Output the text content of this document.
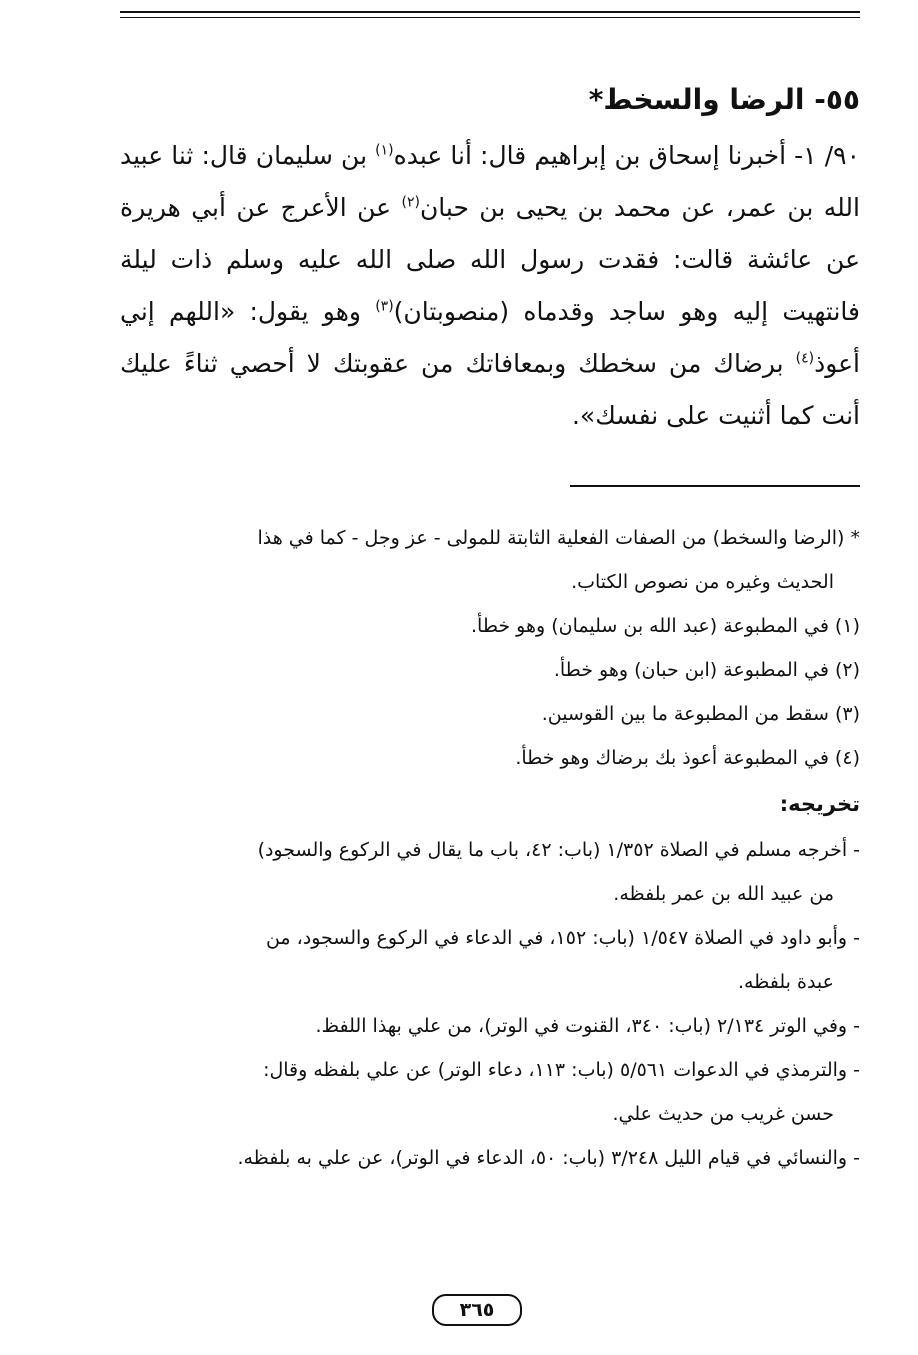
٥٥- الرضا والسخط*

٩٠/ ١- أخبرنا إسحاق بن إبراهيم قال: أنا عبده$^{(١)}$ بن سليمان قال: ثنا عبيد الله بن عمر، عن محمد بن يحيى بن حبان$^{(٢)}$ عن الأعرج عن أبي هريرة عن عائشة قالت: فقدت رسول الله صلى الله عليه وسلم ذات ليلة فانتهيت إليه وهو ساجد وقدماه (منصوبتان)$^{(٣)}$ وهو يقول: «اللهم إني أعوذ$^{(٤)}$ برضاك من سخطك وبمعافاتك من عقوبتك لا أحصي ثناءً عليك أنت كما أثنيت على نفسك».

* (الرضا والسخط) من الصفات الفعلية الثابتة للمولى - عز وجل - كما في هذا

الحديث وغيره من نصوص الكتاب.

(١) في المطبوعة (عبد الله بن سليمان) وهو خطأ.

(٢) في المطبوعة (ابن حبان) وهو خطأ.

(٣) سقط من المطبوعة ما بين القوسين.

(٤) في المطبوعة أعوذ بك برضاك وهو خطأ.

تخريجه:

- أخرجه مسلم في الصلاة ١/٣٥٢ (باب: ٤٢، باب ما يقال في الركوع والسجود)

من عبيد الله بن عمر بلفظه.

- وأبو داود في الصلاة ١/٥٤٧ (باب: ١٥٢، في الدعاء في الركوع والسجود، من

عبدة بلفظه.

- وفي الوتر ٢/١٣٤ (باب: ٣٤٠، القنوت في الوتر)، من علي بهذا اللفظ.

- والترمذي في الدعوات ٥/٥٦١ (باب: ١١٣، دعاء الوتر) عن علي بلفظه وقال:

حسن غريب من حديث علي.

- والنسائي في قيام الليل ٣/٢٤٨ (باب: ٥٠، الدعاء في الوتر)، عن علي به بلفظه.

٣٦٥
